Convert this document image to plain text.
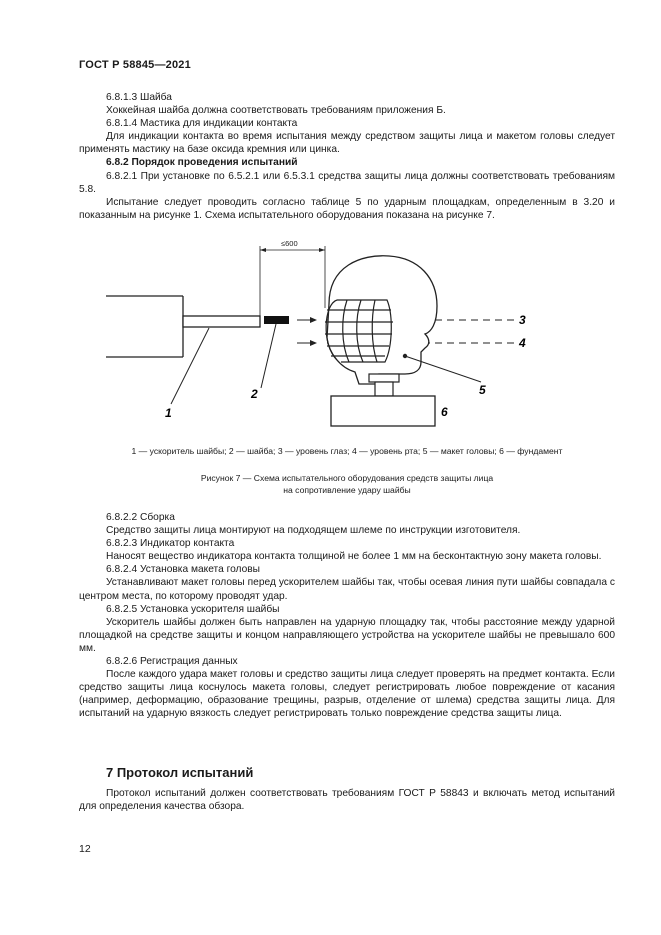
ГОСТ Р 58845—2021

6.8.1.3 Шайба

Хоккейная шайба должна соответствовать требованиям приложения Б.

6.8.1.4 Мастика для индикации контакта

Для индикации контакта во время испытания между средством защиты лица и макетом головы следует применять мастику на базе оксида кремния или цинка.

6.8.2 Порядок проведения испытаний

6.8.2.1 При установке по 6.5.2.1 или 6.5.3.1 средства защиты лица должны соответствовать требованиям 5.8.

Испытание следует проводить согласно таблице 5 по ударным площадкам, определенным в 3.20 и показанным на рисунке 1. Схема испытательного оборудования показана на рисунке 7.

≤600
1
2
3
4
5
6
1 — ускоритель шайбы; 2 — шайба; 3 — уровень глаз; 4 — уровень рта; 5 — макет головы; 6 — фундамент
Рисунок 7 — Схема испытательного оборудования средств защиты лица
на сопротивление удару шайбы

6.8.2.2 Сборка

Средство защиты лица монтируют на подходящем шлеме по инструкции изготовителя.

6.8.2.3 Индикатор контакта

Наносят вещество индикатора контакта толщиной не более 1 мм на бесконтактную зону макета головы.

6.8.2.4 Установка макета головы

Устанавливают макет головы перед ускорителем шайбы так, чтобы осевая линия пути шайбы совпадала с центром места, по которому проводят удар.

6.8.2.5 Установка ускорителя шайбы

Ускоритель шайбы должен быть направлен на ударную площадку так, чтобы расстояние между ударной площадкой на средстве защиты и концом направляющего устройства на ускорителе шайбы не превышало 600 мм.

6.8.2.6 Регистрация данных

После каждого удара макет головы и средство защиты лица следует проверять на предмет контакта. Если средство защиты лица коснулось макета головы, следует регистрировать любое повреждение от касания (например, деформацию, образование трещины, разрыв, отделение от шлема) средства защиты лица. Для испытаний на ударную вязкость следует регистрировать только повреждение средства защиты лица.

7 Протокол испытаний

Протокол испытаний должен соответствовать требованиям ГОСТ Р 58843 и включать метод испытаний для определения качества обзора.

12
